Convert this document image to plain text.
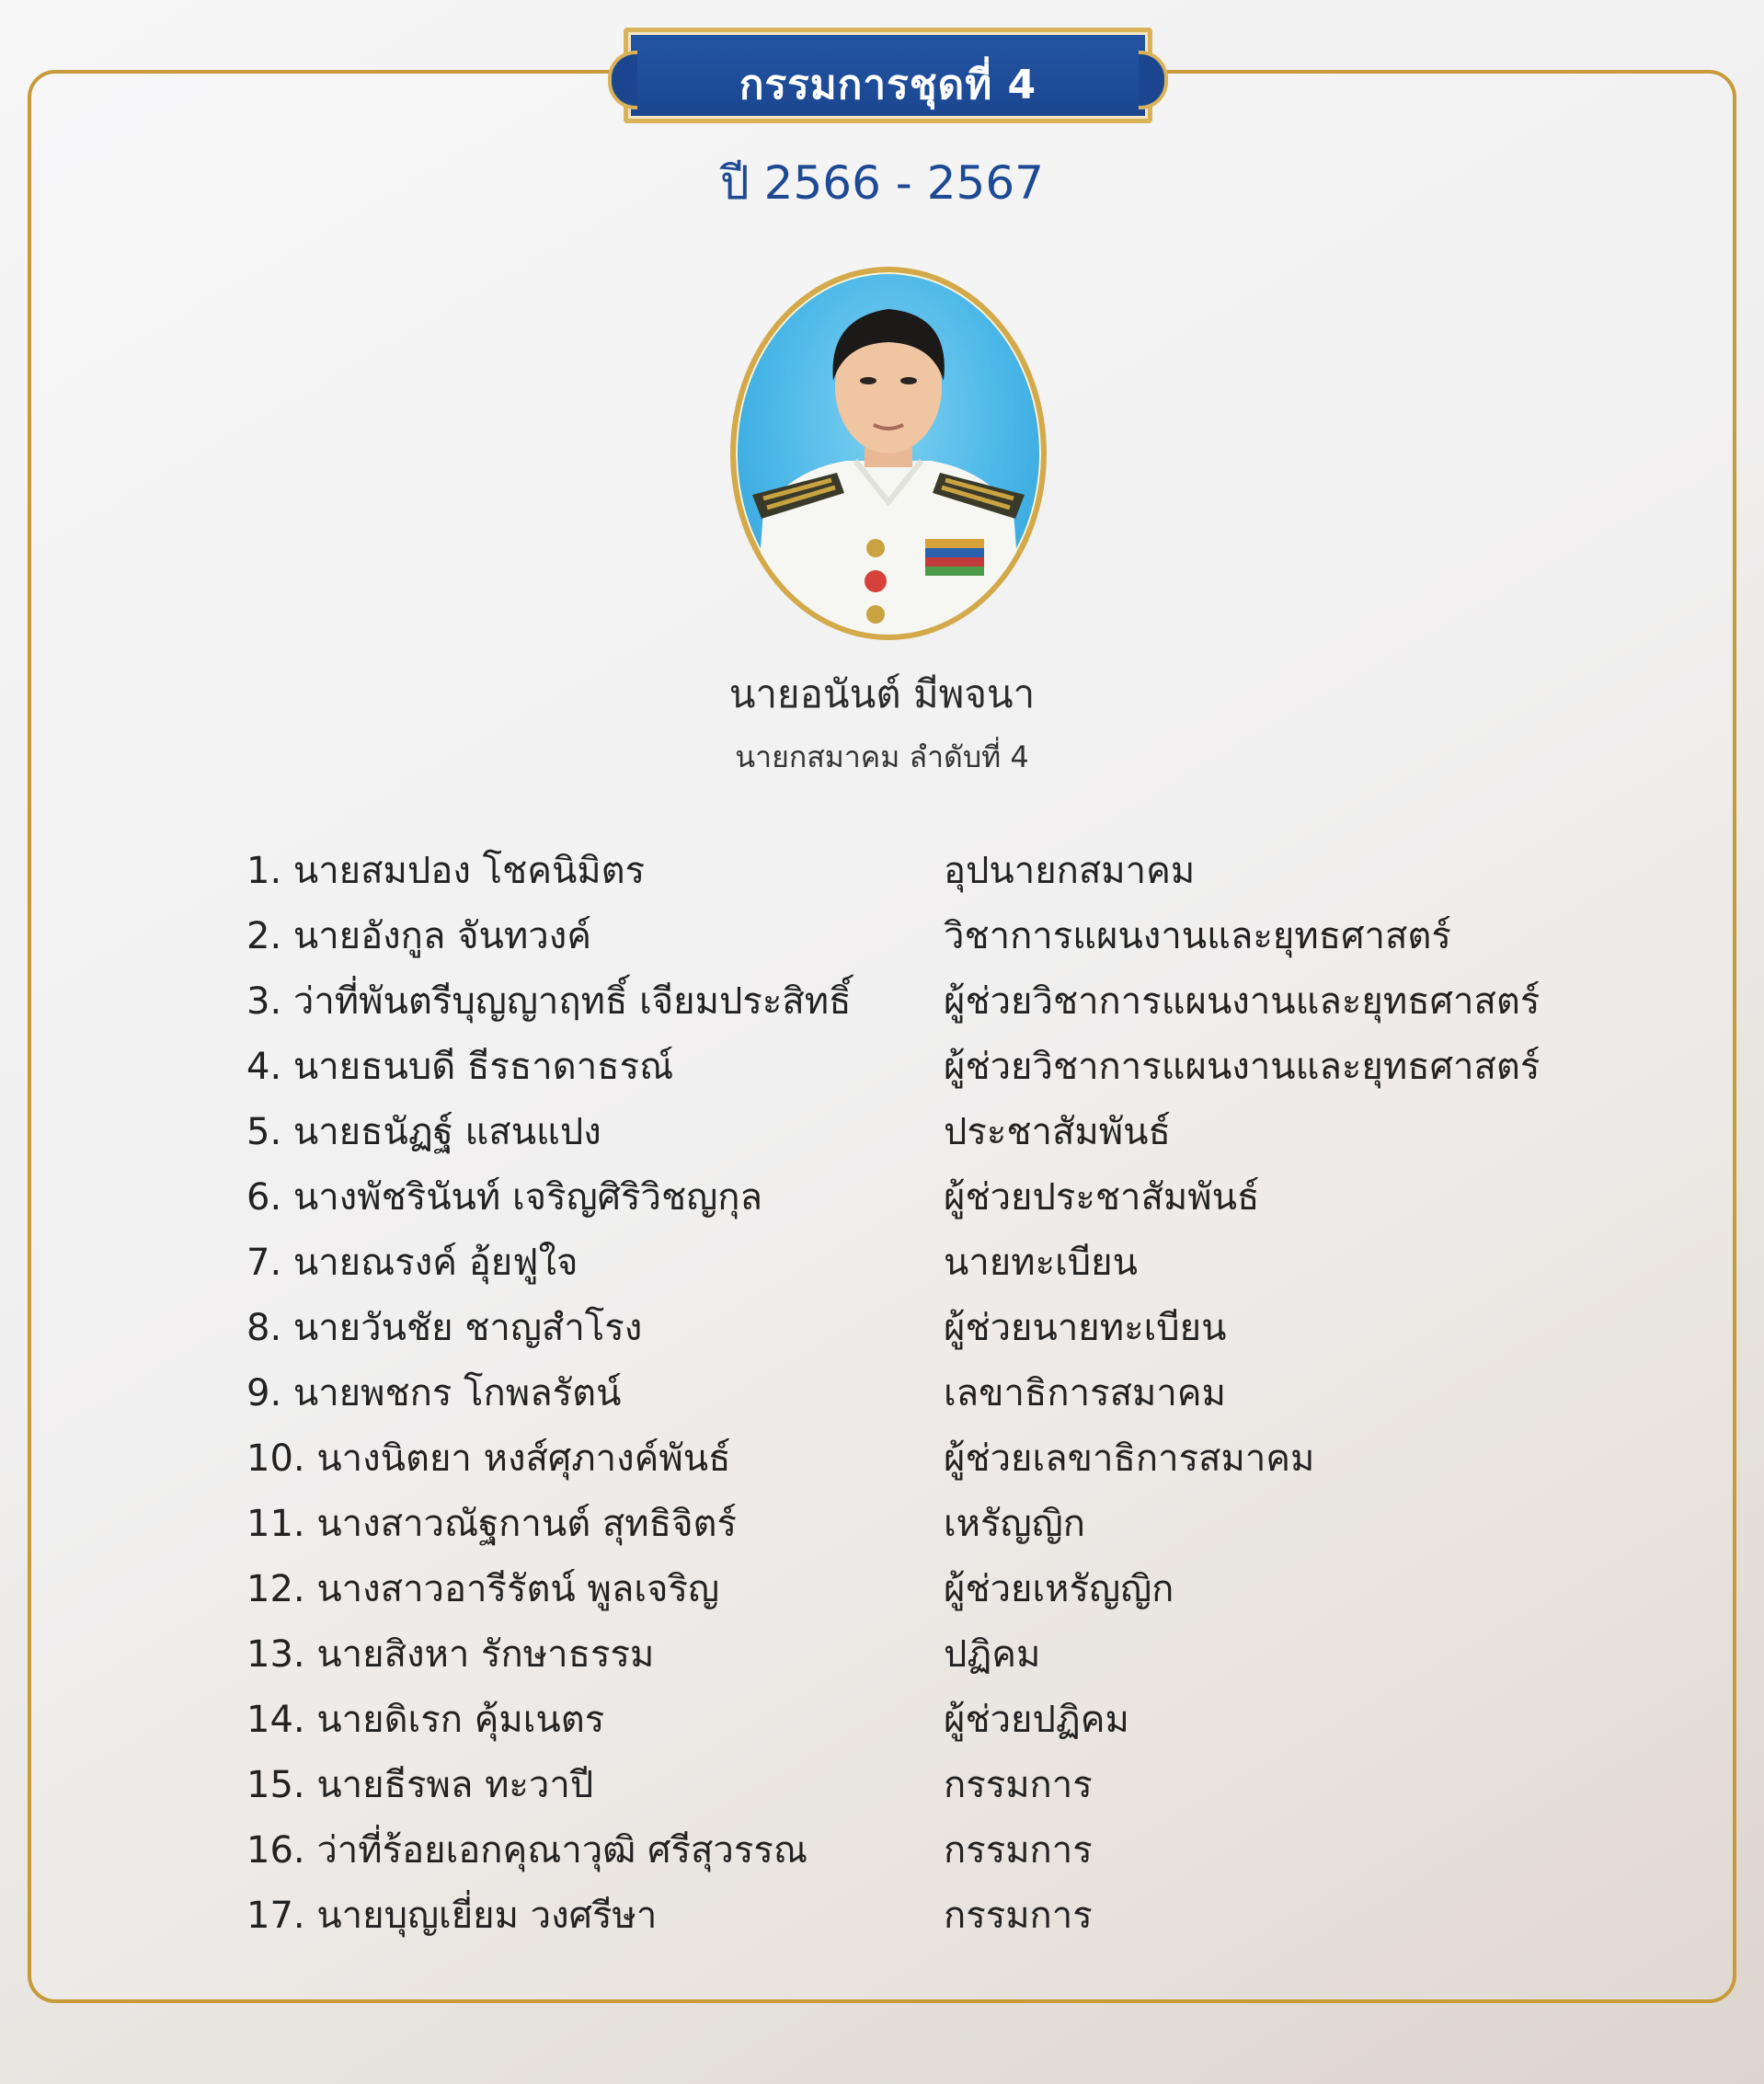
กรรมการชุดที่ 4
ปี 2566 - 2567
นายอนันต์ มีพจนา
นายกสมาคม ลำดับที่ 4
1. นายสมปอง โชคนิมิตร	อุปนายกสมาคม
2. นายอังกูล จันทวงค์	วิชาการแผนงานและยุทธศาสตร์
3. ว่าที่พันตรีบุญญาฤทธิ์ เจียมประสิทธิ์	ผู้ช่วยวิชาการแผนงานและยุทธศาสตร์
4. นายธนบดี ธีรธาดาธรณ์	ผู้ช่วยวิชาการแผนงานและยุทธศาสตร์
5. นายธนัฏฐ์ แสนแปง	ประชาสัมพันธ์
6. นางพัชรินันท์ เจริญศิริวิชญกุล	ผู้ช่วยประชาสัมพันธ์
7. นายณรงค์ อุ้ยฟูใจ	นายทะเบียน
8. นายวันชัย ชาญสำโรง	ผู้ช่วยนายทะเบียน
9. นายพชกร โกพลรัตน์	เลขาธิการสมาคม
10. นางนิตยา หงส์ศุภางค์พันธ์	ผู้ช่วยเลขาธิการสมาคม
11. นางสาวณัฐกานต์ สุทธิจิตร์	เหรัญญิก
12. นางสาวอารีรัตน์ พูลเจริญ	ผู้ช่วยเหรัญญิก
13. นายสิงหา รักษาธรรม	ปฏิคม
14. นายดิเรก คุ้มเนตร	ผู้ช่วยปฏิคม
15. นายธีรพล ทะวาปี	กรรมการ
16. ว่าที่ร้อยเอกคุณาวุฒิ ศรีสุวรรณ	กรรมการ
17. นายบุญเยี่ยม วงศรีษา	กรรมการ
